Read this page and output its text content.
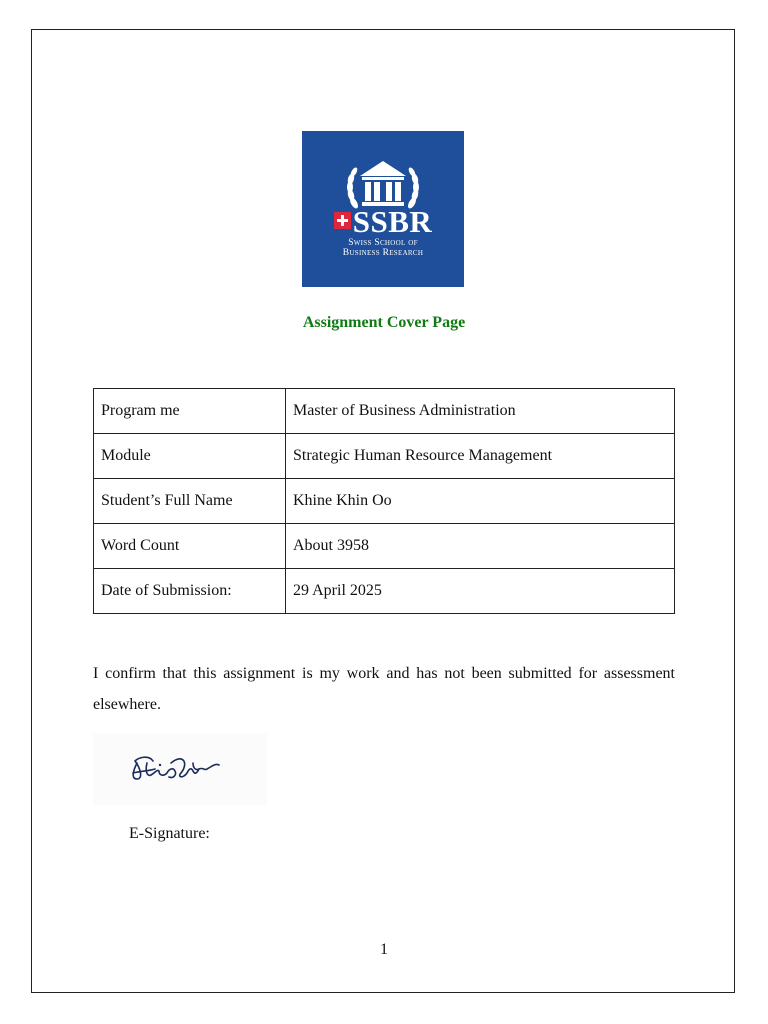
SSBR
Swiss School of
Business Research
Assignment Cover Page
Program me	Master of Business Administration
Module	Strategic Human Resource Management
Student’s Full Name	Khine Khin Oo
Word Count	About 3958
Date of Submission:	29 April 2025
I confirm that this assignment is my work and has not been submitted for assessment elsewhere.
E-Signature:
1
